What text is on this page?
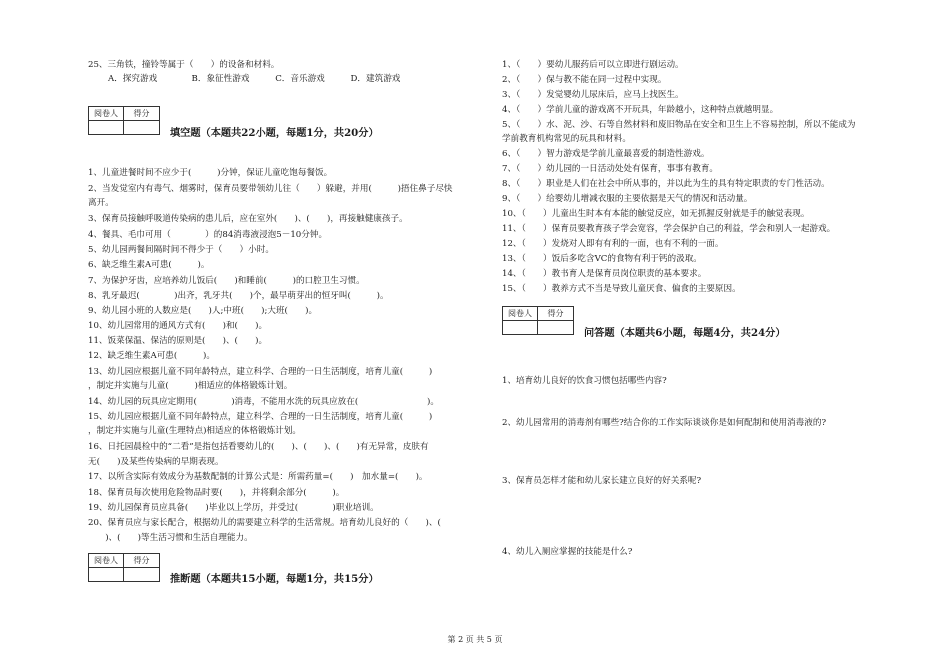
25、三角铁，撞铃等属于（　　）的设备和材料。
A．探究游戏　　　　B．象征性游戏　　　C．音乐游戏　　　D．建筑游戏
阅卷人	得分
填空题（本题共22小题，每题1分，共20分）
1、儿童进餐时间不应少于(　　　)分钟，保证儿童吃饱每餐饭。
2、当发觉室内有毒气、烟雾时，保育员要带领幼儿往（　　）躲避，并用(　　　)捂住鼻子尽快
离开。
3、保育员接触呼吸道传染病的患儿后，应在室外(　　)、(　　)，再接触健康孩子。
4、餐具、毛巾可用（　　　　）的84消毒液浸泡5－10分钟。
5、幼儿园两餐间隔时间不得少于（　　）小时。
6、缺乏维生素A可患(　　　)。
7、为保护牙齿，应培养幼儿饭后(　　)和睡前(　　　)的口腔卫生习惯。
8、乳牙最迟(　　　　)出齐，乳牙共(　　)个，最早萌芽出的恒牙叫(　　　)。
9、幼儿园小班的人数应是(　　)人;中班(　　);大班(　　)。
10、幼儿园常用的通风方式有(　　)和(　　)。
11、饭菜保温、保洁的原则是(　　)、(　　)。
12、缺乏维生素A可患(　　　)。
13、幼儿园应根据儿童不同年龄特点，建立科学、合理的一日生活制度，培育儿童(　　　)
，制定并实施与儿童(　　　)相适应的体格锻炼计划。
14、幼儿园的玩具应定期用(　　　　)消毒，不能用水洗的玩具应放在(　　　　　　　　)。
15、幼儿园应根据儿童不同年龄特点，建立科学、合理的一日生活制度，培育儿童(　　　)
，制定并实施与儿童(生理特点)相适应的体格锻炼计划。
16、日托园晨检中的“二看”是指包括看婴幼儿的(　　)、(　　)、(　　)有无异常，皮肤有
无(　　)及某些传染病的早期表现。
17、以所含实际有效成分为基数配制的计算公式是：所需药量=(　　)　加水量=(　　)。
18、保育员每次使用危险物品时要(　　)，并将剩余部分(　　　)。
19、幼儿园保育员应具备(　　)毕业以上学历，并受过(　　　　)职业培训。
20、保育员应与家长配合，根据幼儿的需要建立科学的生活常规。培育幼儿良好的（　　)、(
　　)、(　　)等生活习惯和生活自理能力。
阅卷人	得分
推断题（本题共15小题，每题1分，共15分）
1、（　　）要幼儿服药后可以立即进行剧运动。
2、（　　）保与教不能在同一过程中实现。
3、（　　）发觉婴幼儿尿床后，应马上找医生。
4、（　　）学前儿童的游戏离不开玩具，年龄越小，这种特点就越明显。
5、（　　）水、泥、沙、石等自然材料和废旧物品在安全和卫生上不容易控制，所以不能成为
学前教育机构常见的玩具和材料。
6、（　　）智力游戏是学前儿童最喜爱的制造性游戏。
7、（　　）幼儿园的一日活动处处有保育，事事有教育。
8、（　　）职业是人们在社会中所从事的，并以此为生的具有特定职责的专门性活动。
9、（　　）给婴幼儿增减衣服的主要依据是天气的情况和活动量。
10、（　　）儿童出生时本有本能的触觉反应，如无抓握反射就是手的触觉表现。
11、（　　）保育员要教育孩子学会宽容，学会保护自己的利益，学会和别人一起游戏。
12、（　　）发烧对人即有有利的一面，也有不利的一面。
13、（　　）饭后多吃含VC的食物有利于钙的汲取。
14、（　　）教书育人是保育员岗位职责的基本要求。
15、（　　）教养方式不当是导致儿童厌食、偏食的主要原因。
阅卷人	得分
问答题（本题共6小题，每题4分，共24分）
1、培育幼儿良好的饮食习惯包括哪些内容?
2、幼儿园常用的消毒剂有哪些?结合你的工作实际谈谈你是如何配制和使用消毒液的?
3、保育员怎样才能和幼儿家长建立良好的好关系呢?
4、幼儿入厕应掌握的技能是什么?
第 2 页 共 5 页
